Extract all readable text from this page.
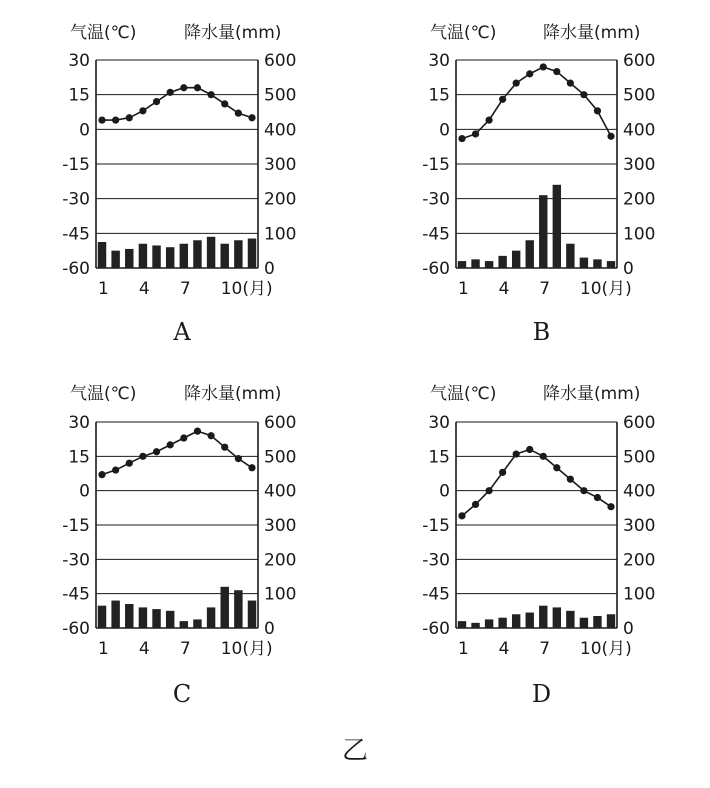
气温(℃)	降水量(mm)
30	600
15	500
0	400
-15	300
-30	200
-45	100
-60	0
1 4 7 10(月)
A
气温(℃)	降水量(mm)
30	600
15	500
0	400
-15	300
-30	200
-45	100
-60	0
1 4 7 10(月)
B
气温(℃)	降水量(mm)
30	600
15	500
0	400
-15	300
-30	200
-45	100
-60	0
1 4 7 10(月)
C
气温(℃)	降水量(mm)
30	600
15	500
0	400
-15	300
-30	200
-45	100
-60	0
1 4 7 10(月)
D
乙
